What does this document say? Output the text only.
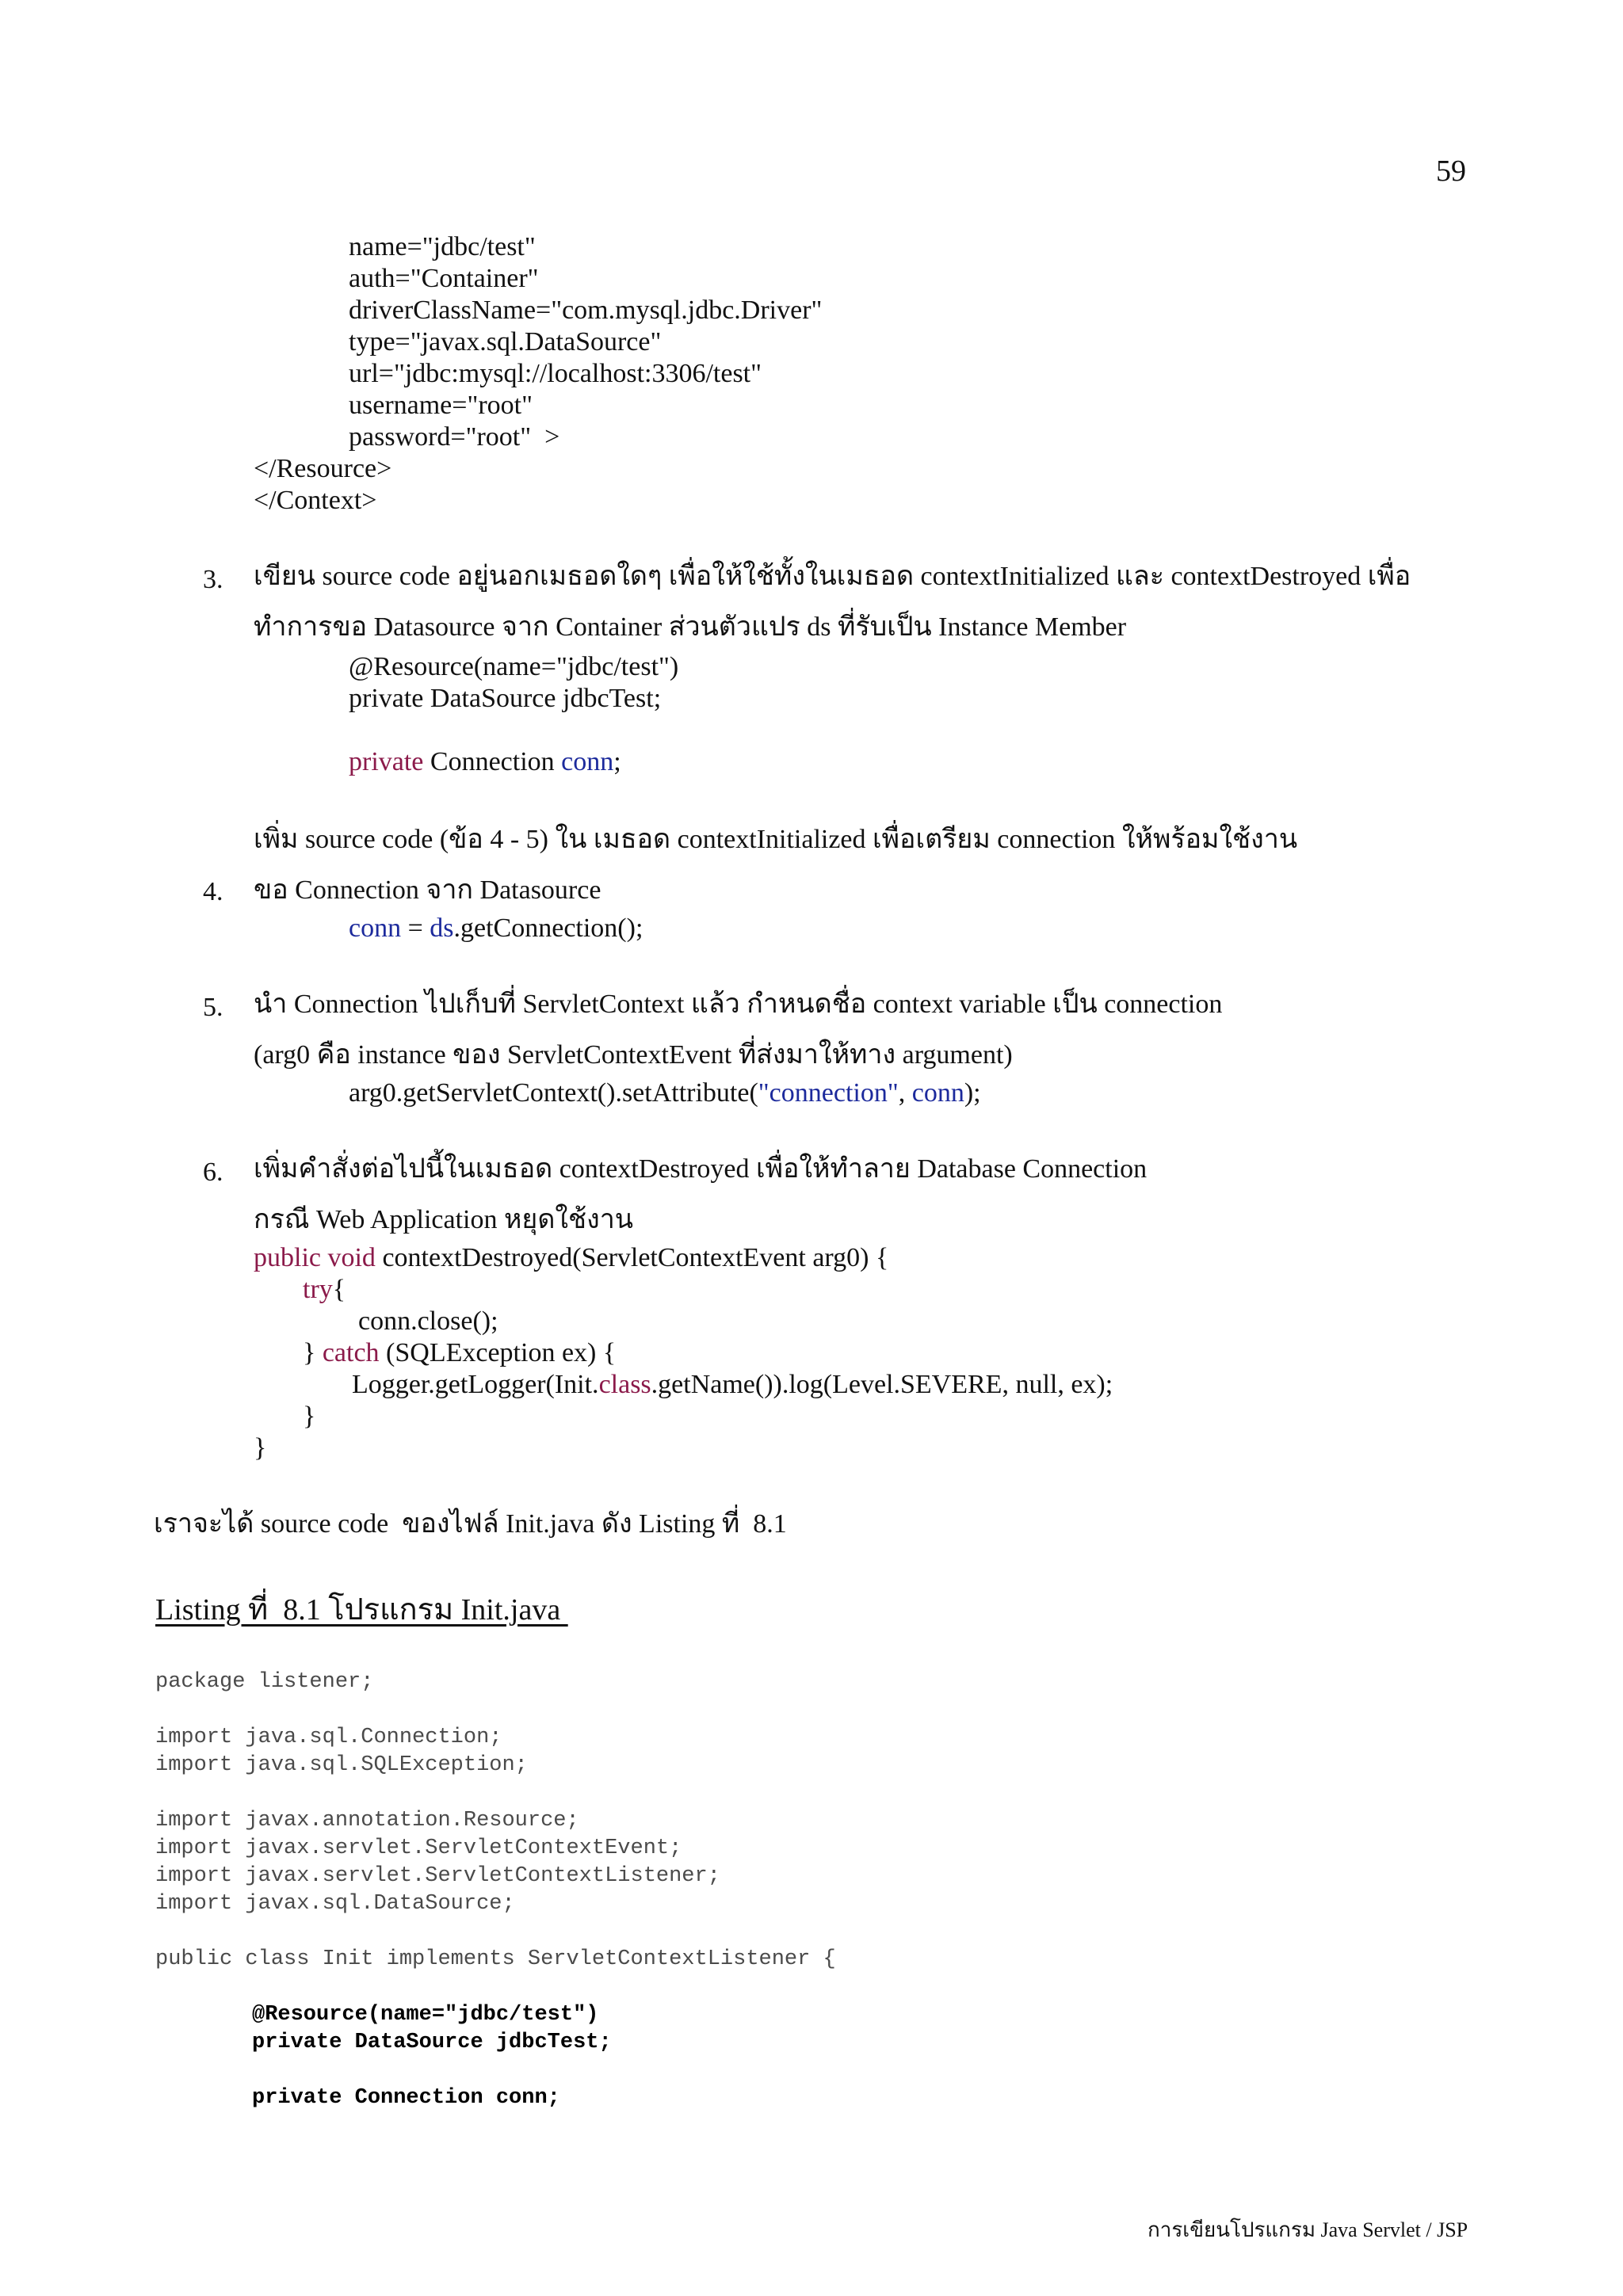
59
name="jdbc/test"
auth="Container"
driverClassName="com.mysql.jdbc.Driver"
type="javax.sql.DataSource"
url="jdbc:mysql://localhost:3306/test"
username="root"
password="root"  >
</Resource>
</Context>
3. เขียน source code อยู่นอกเมธอดใดๆ เพื่อให้ใช้ทั้งในเมธอด contextInitialized และ contextDestroyed เพื่อ
ทำการขอ Datasource จาก Container ส่วนตัวแปร ds ที่รับเป็น Instance Member
@Resource(name="jdbc/test")
private DataSource jdbcTest;
private Connection conn;
เพิ่ม source code (ข้อ 4 - 5) ใน เมธอด contextInitialized เพื่อเตรียม connection ให้พร้อมใช้งาน
4. ขอ Connection จาก Datasource
conn = ds.getConnection();
5. นำ Connection ไปเก็บที่ ServletContext แล้ว กำหนดชื่อ context variable เป็น connection
(arg0 คือ instance ของ ServletContextEvent ที่ส่งมาให้ทาง argument)
arg0.getServletContext().setAttribute("connection", conn);
6. เพิ่มคำสั่งต่อไปนี้ในเมธอด contextDestroyed เพื่อให้ทำลาย Database Connection
กรณี Web Application หยุดใช้งาน
public void contextDestroyed(ServletContextEvent arg0) {
try{
conn.close();
} catch (SQLException ex) {
Logger.getLogger(Init.class.getName()).log(Level.SEVERE, null, ex);
}
}
เราจะได้ source code  ของไฟล์ Init.java ดัง Listing ที่  8.1
Listing ที่  8.1 โปรแกรม Init.java
package listener;
import java.sql.Connection;
import java.sql.SQLException;
import javax.annotation.Resource;
import javax.servlet.ServletContextEvent;
import javax.servlet.ServletContextListener;
import javax.sql.DataSource;
public class Init implements ServletContextListener {
@Resource(name="jdbc/test")
private DataSource jdbcTest;
private Connection conn;
การเขียนโปรแกรม Java Servlet / JSP
